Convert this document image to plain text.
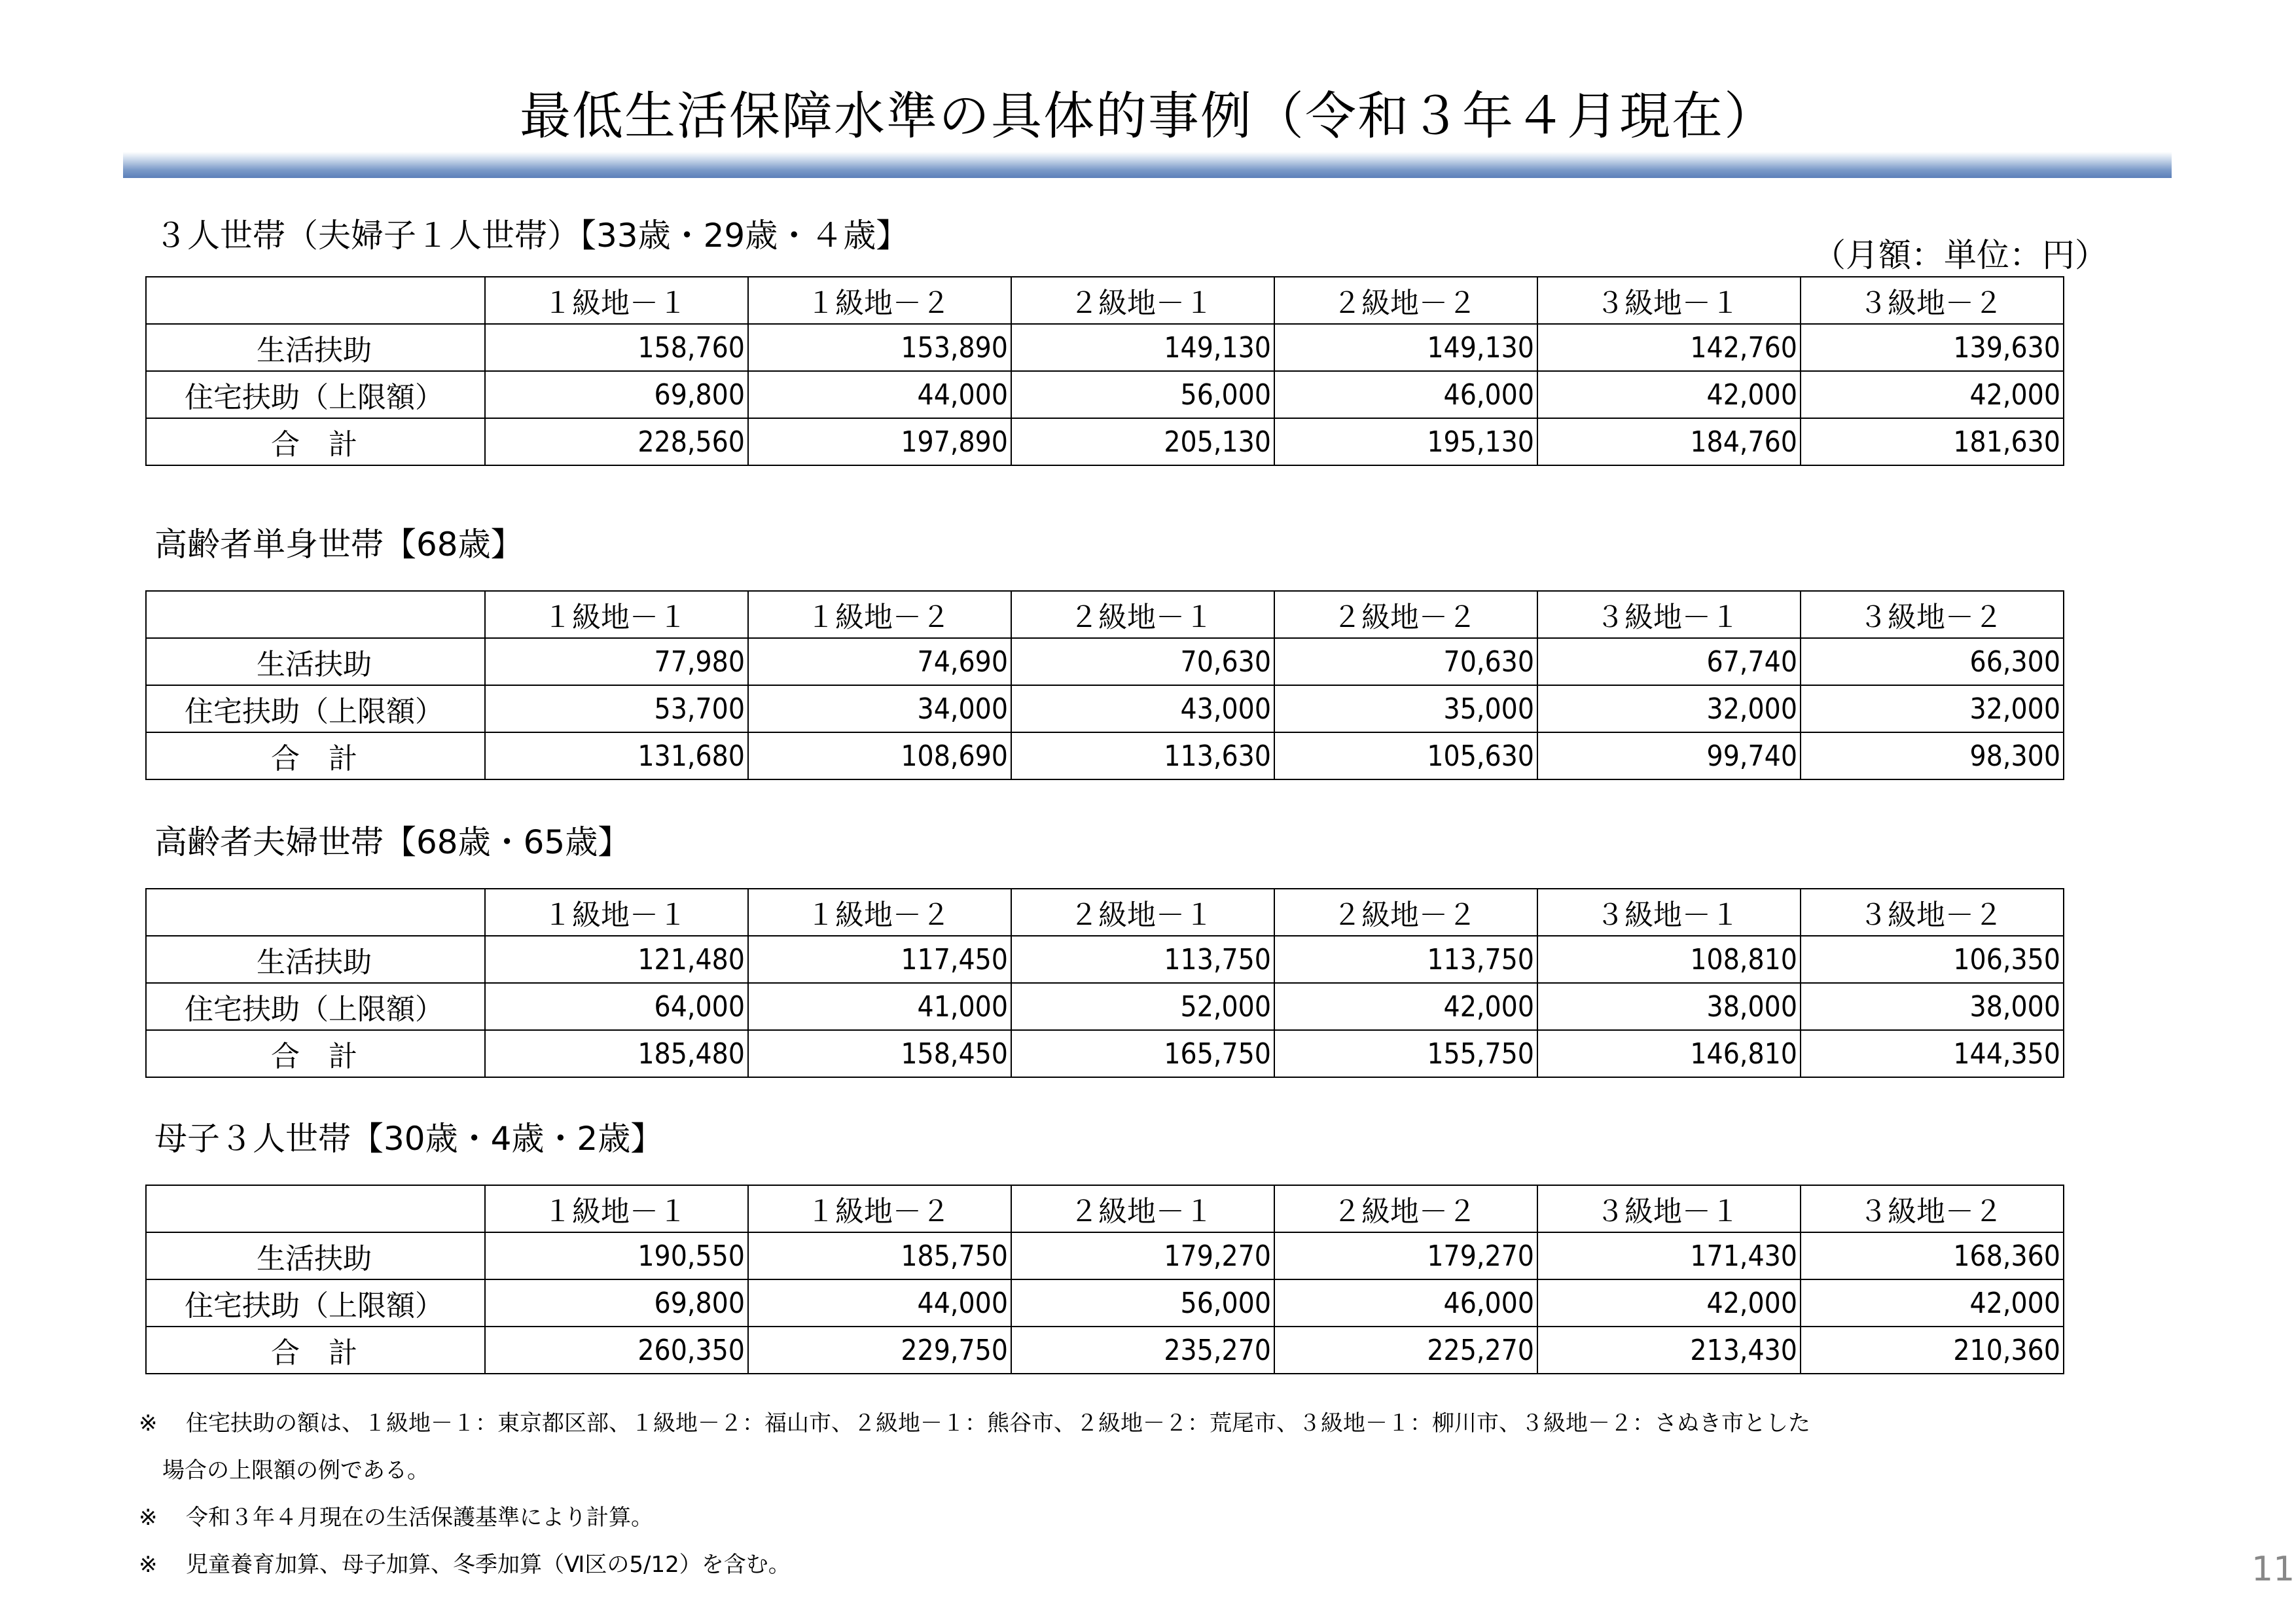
最低生活保障水準の具体的事例（令和３年４月現在）
（月額：単位：円）
３人世帯（夫婦子１人世帯）【33歳・29歳・４歳】
	１級地－１	１級地－２	２級地－１	２級地－２	３級地－１	３級地－２
生活扶助	158,760	153,890	149,130	149,130	142,760	139,630
住宅扶助（上限額）	69,800	44,000	56,000	46,000	42,000	42,000
合　計	228,560	197,890	205,130	195,130	184,760	181,630
高齢者単身世帯【68歳】
	１級地－１	１級地－２	２級地－１	２級地－２	３級地－１	３級地－２
生活扶助	77,980	74,690	70,630	70,630	67,740	66,300
住宅扶助（上限額）	53,700	34,000	43,000	35,000	32,000	32,000
合　計	131,680	108,690	113,630	105,630	99,740	98,300
高齢者夫婦世帯【68歳・65歳】
	１級地－１	１級地－２	２級地－１	２級地－２	３級地－１	３級地－２
生活扶助	121,480	117,450	113,750	113,750	108,810	106,350
住宅扶助（上限額）	64,000	41,000	52,000	42,000	38,000	38,000
合　計	185,480	158,450	165,750	155,750	146,810	144,350
母子３人世帯【30歳・4歳・2歳】
	１級地－１	１級地－２	２級地－１	２級地－２	３級地－１	３級地－２
生活扶助	190,550	185,750	179,270	179,270	171,430	168,360
住宅扶助（上限額）	69,800	44,000	56,000	46,000	42,000	42,000
合　計	260,350	229,750	235,270	225,270	213,430	210,360
※ 住宅扶助の額は、１級地－１：東京都区部、１級地－２：福山市、２級地－１：熊谷市、２級地－２：荒尾市、３級地－１：柳川市、３級地－２：さぬき市とした
場合の上限額の例である。
※ 令和３年４月現在の生活保護基準により計算。
※ 児童養育加算、母子加算、冬季加算（Ⅵ区の5/12）を含む。	11
